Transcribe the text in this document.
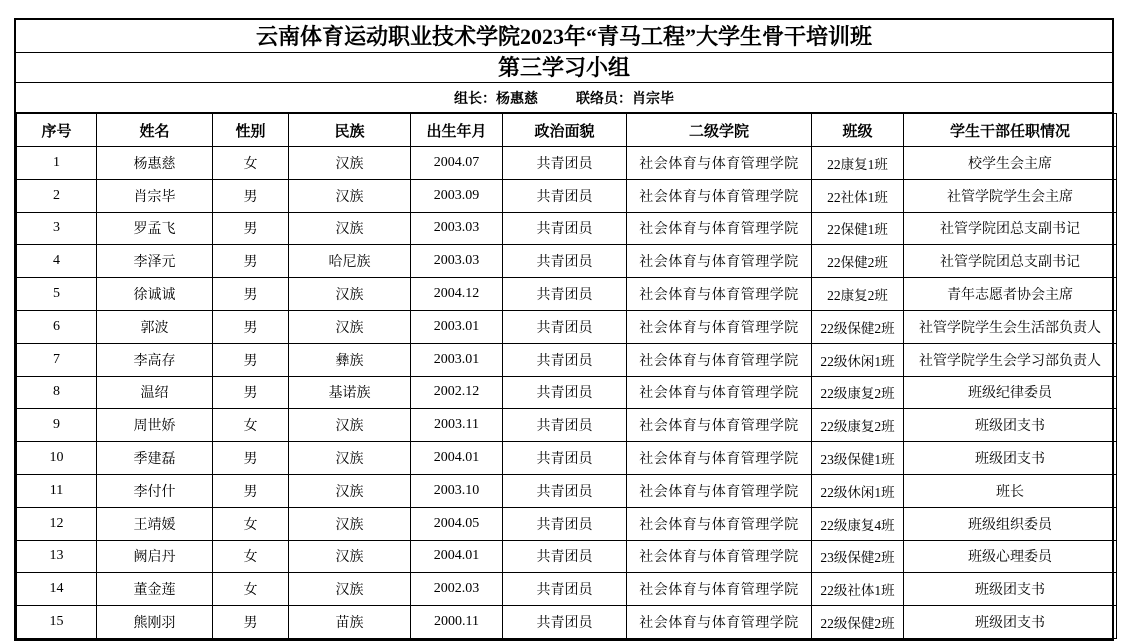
云南体育运动职业技术学院2023年“青马工程”大学生骨干培训班
第三学习小组
组长：杨惠慈	联络员：肖宗毕
序号	姓名	性别	民族	出生年月	政治面貌	二级学院	班级	学生干部任职情况
1	杨惠慈	女	汉族	2004.07	共青团员	社会体育与体育管理学院	22康复1班	校学生会主席
2	肖宗毕	男	汉族	2003.09	共青团员	社会体育与体育管理学院	22社体1班	社管学院学生会主席
3	罗孟飞	男	汉族	2003.03	共青团员	社会体育与体育管理学院	22保健1班	社管学院团总支副书记
4	李泽元	男	哈尼族	2003.03	共青团员	社会体育与体育管理学院	22保健2班	社管学院团总支副书记
5	徐诚诚	男	汉族	2004.12	共青团员	社会体育与体育管理学院	22康复2班	青年志愿者协会主席
6	郭波	男	汉族	2003.01	共青团员	社会体育与体育管理学院	22级保健2班	社管学院学生会生活部负责人
7	李高存	男	彝族	2003.01	共青团员	社会体育与体育管理学院	22级休闲1班	社管学院学生会学习部负责人
8	温绍	男	基诺族	2002.12	共青团员	社会体育与体育管理学院	22级康复2班	班级纪律委员
9	周世娇	女	汉族	2003.11	共青团员	社会体育与体育管理学院	22级康复2班	班级团支书
10	季建磊	男	汉族	2004.01	共青团员	社会体育与体育管理学院	23级保健1班	班级团支书
11	李付什	男	汉族	2003.10	共青团员	社会体育与体育管理学院	22级休闲1班	班长
12	王靖媛	女	汉族	2004.05	共青团员	社会体育与体育管理学院	22级康复4班	班级组织委员
13	阙启丹	女	汉族	2004.01	共青团员	社会体育与体育管理学院	23级保健2班	班级心理委员
14	董金莲	女	汉族	2002.03	共青团员	社会体育与体育管理学院	22级社体1班	班级团支书
15	熊刚羽	男	苗族	2000.11	共青团员	社会体育与体育管理学院	22级保健2班	班级团支书
